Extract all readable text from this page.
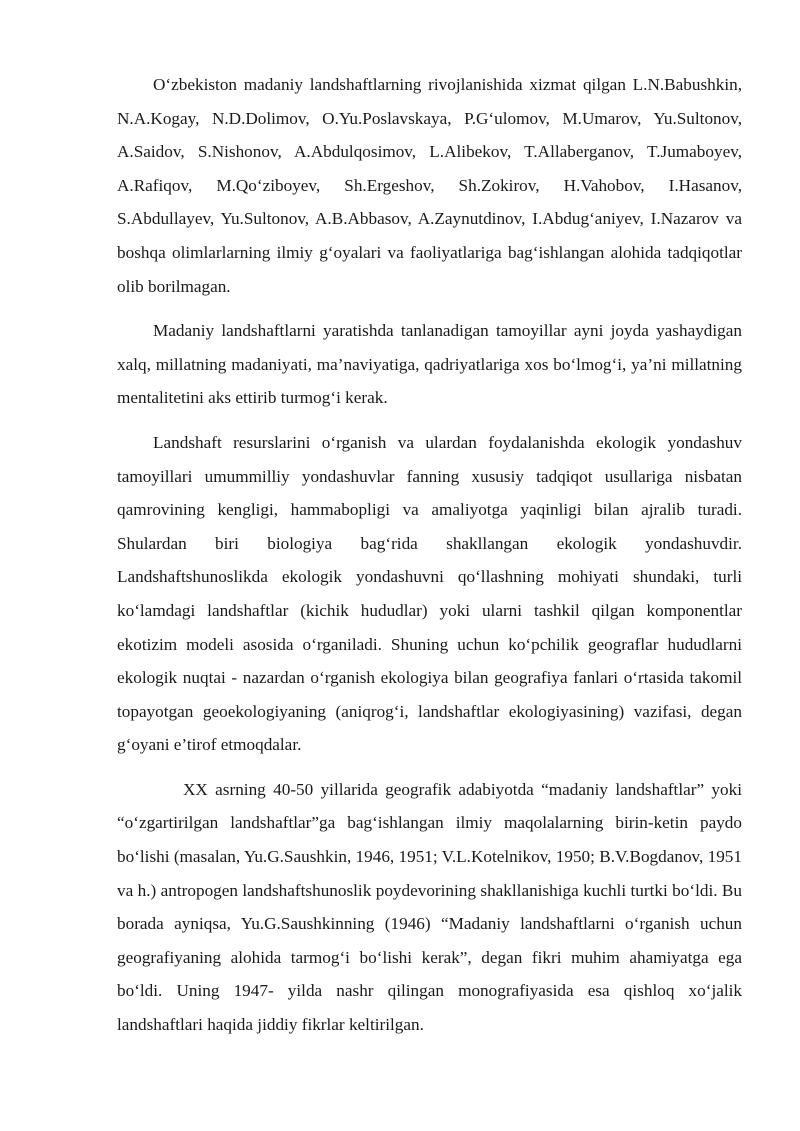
O‘zbekiston madaniy landshaftlarning rivojlanishida xizmat qilgan L.N.Babushkin, N.A.Kogay, N.D.Dolimov, O.Yu.Poslavskaya, P.G‘ulomov, M.Umarov, Yu.Sultonov, A.Saidov, S.Nishonov, A.Abdulqosimov, L.Alibekov, T.Allaberganov, T.Jumaboyev, A.Rafiqov, M.Qo‘ziboyev, Sh.Ergeshov, Sh.Zokirov, H.Vahobov, I.Hasanov, S.Abdullayev, Yu.Sultonov, A.B.Abbasov, A.Zaynutdinov, I.Abdug‘aniyev, I.Nazarov va boshqa olimlarlarning ilmiy g‘oyalari va faoliyatlariga bag‘ishlangan alohida tadqiqotlar olib borilmagan.

Madaniy landshaftlarni yaratishda tanlanadigan tamoyillar ayni joyda yashaydigan xalq, millatning madaniyati, ma’naviyatiga, qadriyatlariga xos bo‘lmog‘i, ya’ni millatning mentalitetini aks ettirib turmog‘i kerak.

Landshaft resurslarini o‘rganish va ulardan foydalanishda ekologik yondashuv tamoyillari umummilliy yondashuvlar fanning xususiy tadqiqot usullariga nisbatan qamrovining kengligi, hammabopligi va amaliyotga yaqinligi bilan ajralib turadi. Shulardan biri biologiya bag‘rida shakllangan ekologik yondashuvdir. Landshaftshunoslikda ekologik yondashuvni qo‘llashning mohiyati shundaki, turli ko‘lamdagi landshaftlar (kichik hududlar) yoki ularni tashkil qilgan komponentlar ekotizim modeli asosida o‘rganiladi. Shuning uchun ko‘pchilik geograflar hududlarni ekologik nuqtai - nazardan o‘rganish ekologiya bilan geografiya fanlari o‘rtasida takomil topayotgan geoekologiyaning (aniqrog‘i, landshaftlar ekologiyasining) vazifasi, degan g‘oyani e’tirof etmoqdalar.

XX asrning 40-50 yillarida geografik adabiyotda “madaniy landshaftlar” yoki “o‘zgartirilgan landshaftlar”ga bag‘ishlangan ilmiy maqolalarning birin-ketin paydo bo‘lishi (masalan, Yu.G.Saushkin, 1946, 1951; V.L.Kotelnikov, 1950; B.V.Bogdanov, 1951 va h.) antropogen landshaftshunoslik poydevorining shakllanishiga kuchli turtki bo‘ldi. Bu borada ayniqsa, Yu.G.Saushkinning (1946) “Madaniy landshaftlarni o‘rganish uchun geografiyaning alohida tarmog‘i bo‘lishi kerak”, degan fikri muhim ahamiyatga ega bo‘ldi. Uning 1947- yilda nashr qilingan monografiyasida esa qishloq xo‘jalik landshaftlari haqida jiddiy fikrlar keltirilgan.
